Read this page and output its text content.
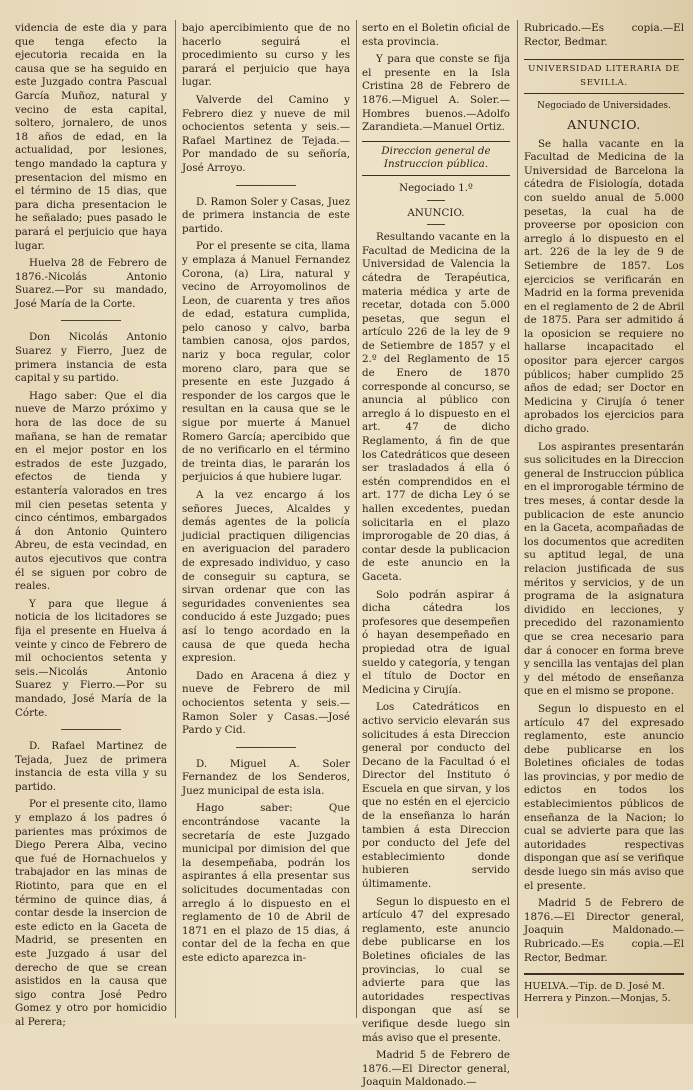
videncia de este dia y para que tenga efecto la ejecutoria recaida en la causa que se ha seguido en este Juzgado contra Pascual García Muñoz, natural y vecino de esta capital, soltero, jornalero, de unos 18 años de edad, en la actualidad, por lesiones, tengo mandado la captura y presentacion del mismo en el término de 15 dias, que para dicha presentacion le he señalado; pues pasado le parará el perjuicio que haya lugar.

Huelva 28 de Febrero de 1876.-Nicolás Antonio Suarez.—Por su mandado, José María de la Corte.

Don Nicolás Antonio Suarez y Fierro, Juez de primera instancia de esta capital y su partido.

Hago saber: Que el dia nueve de Marzo próximo y hora de las doce de su mañana, se han de rematar en el mejor postor en los estrados de este Juzgado, efectos de tienda y estantería valorados en tres mil cien pesetas setenta y cinco céntimos, embargados á don Antonio Quintero Abreu, de esta vecindad, en autos ejecutivos que contra él se siguen por cobro de reales.

Y para que llegue á noticia de los licitadores se fija el presente en Huelva á veinte y cinco de Febrero de mil ochocientos setenta y seis.—Nicolás Antonio Suarez y Fierro.—Por su mandado, José María de la Córte.

D. Rafael Martinez de Tejada, Juez de primera instancia de esta villa y su partido.

Por el presente cito, llamo y emplazo á los padres ó parientes mas próximos de Diego Perera Alba, vecino que fué de Hornachuelos y trabajador en las minas de Riotinto, para que en el término de quince dias, á contar desde la insercion de este edicto en la Gaceta de Madrid, se presenten en este Juzgado á usar del derecho de que se crean asistidos en la causa que sigo contra José Pedro Gomez y otro por homicidio al Perera;

bajo apercibimiento que de no hacerlo seguirá el procedimiento su curso y les parará el perjuicio que haya lugar.

Valverde del Camino y Febrero diez y nueve de mil ochocientos setenta y seis.—Rafael Martinez de Tejada.—Por mandado de su señoría, José Arroyo.

D. Ramon Soler y Casas, Juez de primera instancia de este partido.

Por el presente se cita, llama y emplaza á Manuel Fernandez Corona, (a) Lira, natural y vecino de Arroyomolinos de Leon, de cuarenta y tres años de edad, estatura cumplida, pelo canoso y calvo, barba tambien canosa, ojos pardos, nariz y boca regular, color moreno claro, para que se presente en este Juzgado á responder de los cargos que le resultan en la causa que se le sigue por muerte á Manuel Romero García; apercibido que de no verificarlo en el término de treinta dias, le pararán los perjuicios á que hubiere lugar.

A la vez encargo á los señores Jueces, Alcaldes y demás agentes de la policía judicial practiquen diligencias en averiguacion del paradero de expresado individuo, y caso de conseguir su captura, se sirvan ordenar que con las seguridades convenientes sea conducido á este Juzgado; pues así lo tengo acordado en la causa de que queda hecha expresion.

Dado en Aracena á diez y nueve de Febrero de mil ochocientos setenta y seis.—Ramon Soler y Casas.—José Pardo y Cid.

D. Miguel A. Soler Fernandez de los Senderos, Juez municipal de esta isla.

Hago saber: Que encontrándose vacante la secretaría de este Juzgado municipal por dimision del que la desempeñaba, podrán los aspirantes á ella presentar sus solicitudes documentadas con arreglo á lo dispuesto en el reglamento de 10 de Abril de 1871 en el plazo de 15 dias, á contar del de la fecha en que este edicto aparezca in-

serto en el Boletin oficial de esta provincia.

Y para que conste se fija el presente en la Isla Cristina 28 de Febrero de 1876.—Miguel A. Soler.—Hombres buenos.—Adolfo Zarandieta.—Manuel Ortiz.

Direccion general de Instruccion pública.

Negociado 1.º

ANUNCIO.

Resultando vacante en la Facultad de Medicina de la Universidad de Valencia la cátedra de Terapéutica, materia médica y arte de recetar, dotada con 5.000 pesetas, que segun el artículo 226 de la ley de 9 de Setiembre de 1857 y el 2.º del Reglamento de 15 de Enero de 1870 corresponde al concurso, se anuncia al público con arreglo á lo dispuesto en el art. 47 de dicho Reglamento, á fin de que los Catedráticos que deseen ser trasladados á ella ó estén comprendidos en el art. 177 de dicha Ley ó se hallen excedentes, puedan solicitarla en el plazo improrogable de 20 dias, á contar desde la publicacion de este anuncio en la Gaceta.

Solo podrán aspirar á dicha cátedra los profesores que desempeñen ó hayan desempeñado en propiedad otra de igual sueldo y categoría, y tengan el título de Doctor en Medicina y Cirujía.

Los Catedráticos en activo servicio elevarán sus solicitudes á esta Direccion general por conducto del Decano de la Facultad ó el Director del Instituto ó Escuela en que sirvan, y los que no estén en el ejercicio de la enseñanza lo harán tambien á esta Direccion por conducto del Jefe del establecimiento donde hubieren servido últimamente.

Segun lo dispuesto en el artículo 47 del expresado reglamento, este anuncio debe publicarse en los Boletines oficiales de las provincias, lo cual se advierte para que las autoridades respectivas dispongan que así se verifique desde luego sin más aviso que el presente.

Madrid 5 de Febrero de 1876.—El Director general, Joaquin Maldonado.—

Rubricado.—Es copia.—El Rector, Bedmar.

UNIVERSIDAD LITERARIA DE SEVILLA.

Negociado de Universidades.

ANUNCIO.

Se halla vacante en la Facultad de Medicina de la Universidad de Barcelona la cátedra de Fisiología, dotada con sueldo anual de 5.000 pesetas, la cual ha de proveerse por oposicion con arreglo á lo dispuesto en el art. 226 de la ley de 9 de Setiembre de 1857. Los ejercicios se verificarán en Madrid en la forma prevenida en el reglamento de 2 de Abril de 1875. Para ser admitido á la oposicion se requiere no hallarse incapacitado el opositor para ejercer cargos públicos; haber cumplido 25 años de edad; ser Doctor en Medicina y Cirujía ó tener aprobados los ejercicios para dicho grado.

Los aspirantes presentarán sus solicitudes en la Direccion general de Instruccion pública en el improrogable término de tres meses, á contar desde la publicacion de este anuncio en la Gaceta, acompañadas de los documentos que acrediten su aptitud legal, de una relacion justificada de sus méritos y servicios, y de un programa de la asignatura dividido en lecciones, y precedido del razonamiento que se crea necesario para dar á conocer en forma breve y sencilla las ventajas del plan y del método de enseñanza que en el mismo se propone.

Segun lo dispuesto en el artículo 47 del expresado reglamento, este anuncio debe publicarse en los Boletines oficiales de todas las provincias, y por medio de edictos en todos los establecimientos públicos de enseñanza de la Nacion; lo cual se advierte para que las autoridades respectivas dispongan que así se verifique desde luego sin más aviso que el presente.

Madrid 5 de Febrero de 1876.—El Director general, Joaquin Maldonado.—Rubricado.—Es copia.—El Rector, Bedmar.

HUELVA.—Tip. de D. José M. Herrera y Pinzon.—Monjas, 5.
